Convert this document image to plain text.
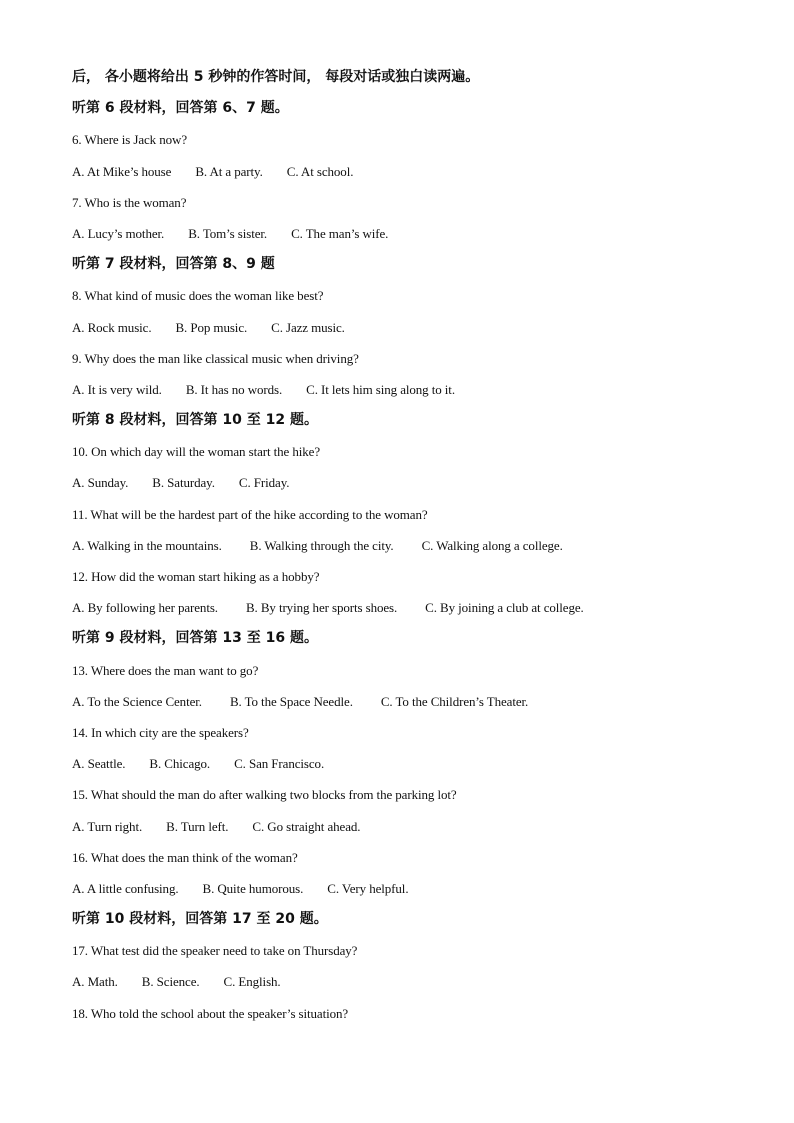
后， 各小题将给出 5 秒钟的作答时间， 每段对话或独白读两遍。
听第 6 段材料，回答第 6、7 题。
6. Where is Jack now?
A. At Mike’s house B. At a party. C. At school.
7. Who is the woman?
A. Lucy’s mother. B. Tom’s sister. C. The man’s wife.
听第 7 段材料，回答第 8、9 题
8. What kind of music does the woman like best?
A. Rock music. B. Pop music. C. Jazz music.
9. Why does the man like classical music when driving?
A. It is very wild. B. It has no words. C. It lets him sing along to it.
听第 8 段材料，回答第 10 至 12 题。
10. On which day will the woman start the hike?
A. Sunday. B. Saturday. C. Friday.
11. What will be the hardest part of the hike according to the woman?
A. Walking in the mountains. B. Walking through the city. C. Walking along a college.
12. How did the woman start hiking as a hobby?
A. By following her parents. B. By trying her sports shoes. C. By joining a club at college.
听第 9 段材料，回答第 13 至 16 题。
13. Where does the man want to go?
A. To the Science Center. B. To the Space Needle. C. To the Children’s Theater.
14. In which city are the speakers?
A. Seattle. B. Chicago. C. San Francisco.
15. What should the man do after walking two blocks from the parking lot?
A. Turn right. B. Turn left. C. Go straight ahead.
16. What does the man think of the woman?
A. A little confusing. B. Quite humorous. C. Very helpful.
听第 10 段材料，回答第 17 至 20 题。
17. What test did the speaker need to take on Thursday?
A. Math. B. Science. C. English.
18. Who told the school about the speaker’s situation?
